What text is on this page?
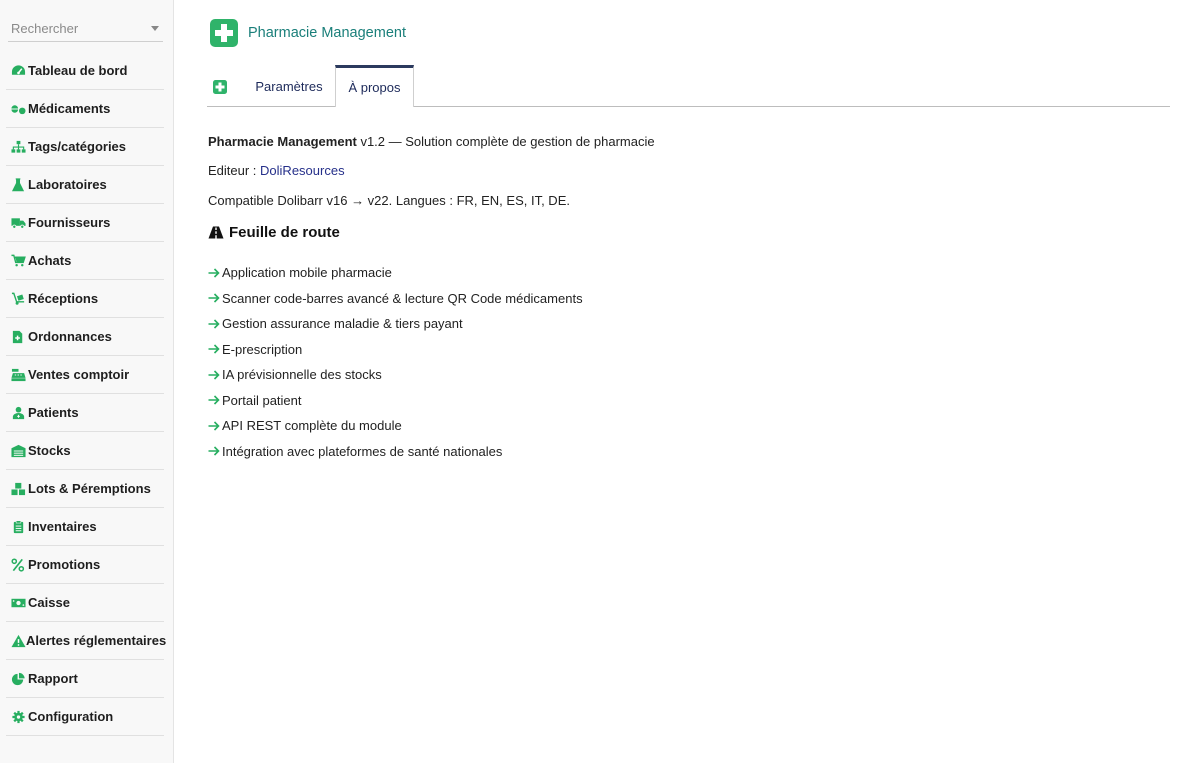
Rechercher
Tableau de bord
Médicaments
Tags/catégories
Laboratoires
Fournisseurs
Achats
Réceptions
Ordonnances
Ventes comptoir
Patients
Stocks
Lots & Péremptions
Inventaires
Promotions
Caisse
Alertes réglementaires
Rapport
Configuration
Pharmacie Management
Paramètres	À propos
Pharmacie Management v1.2 — Solution complète de gestion de pharmacie
Editeur : DoliResources
Compatible Dolibarr v16 → v22. Langues : FR, EN, ES, IT, DE.
Feuille de route
Application mobile pharmacie
Scanner code-barres avancé & lecture QR Code médicaments
Gestion assurance maladie & tiers payant
E-prescription
IA prévisionnelle des stocks
Portail patient
API REST complète du module
Intégration avec plateformes de santé nationales
